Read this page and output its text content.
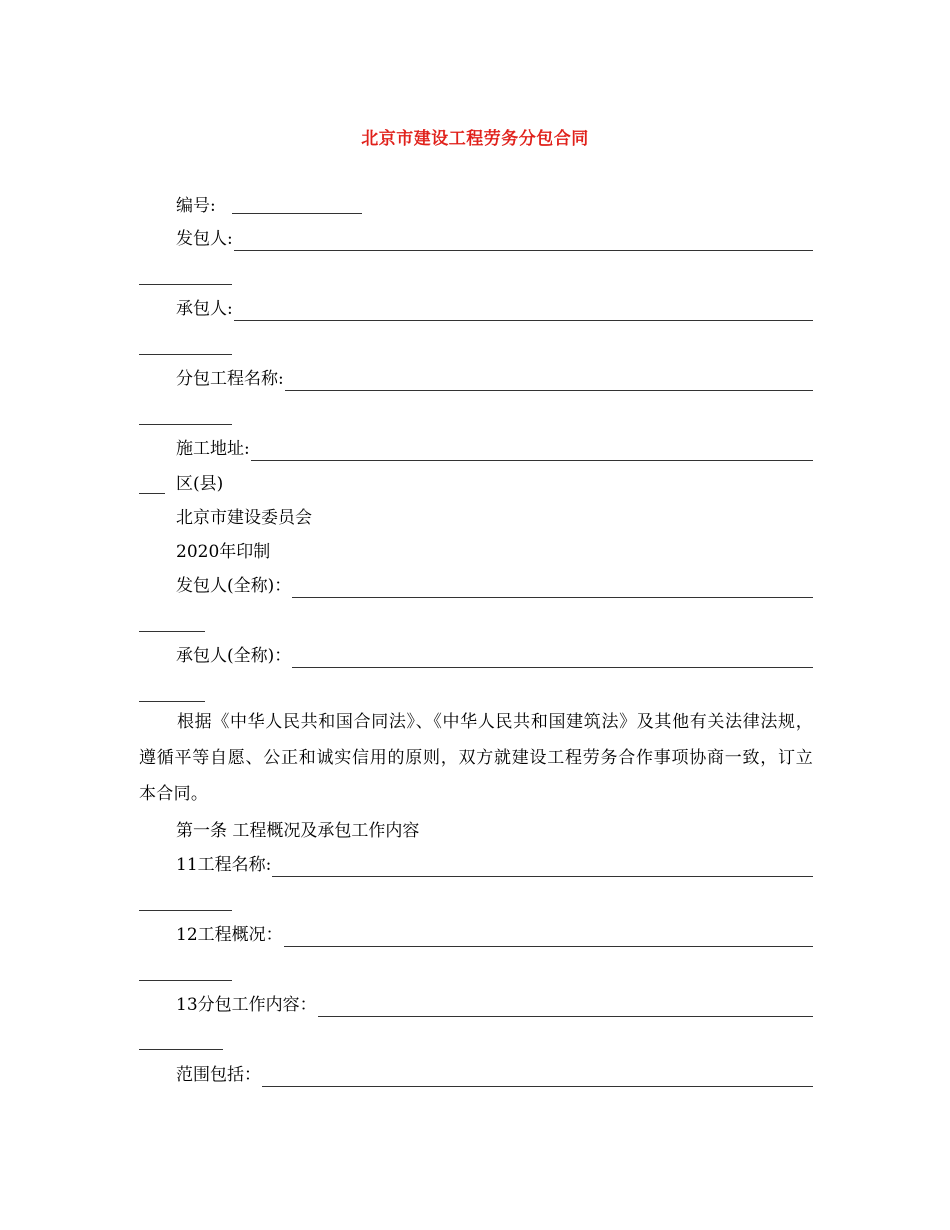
北京市建设工程劳务分包合同
编号:
发包人:
承包人:
分包工程名称:
施工地址:
区(县)
北京市建设委员会
2020年印制
发包人(全称)：
承包人(全称)：
根据《中华人民共和国合同法》、《中华人民共和国建筑法》及其他有关法律法规，遵循平等自愿、公正和诚实信用的原则，双方就建设工程劳务合作事项协商一致，订立本合同。
第一条 工程概况及承包工作内容
11工程名称:
12工程概况：
13分包工作内容：
范围包括：
